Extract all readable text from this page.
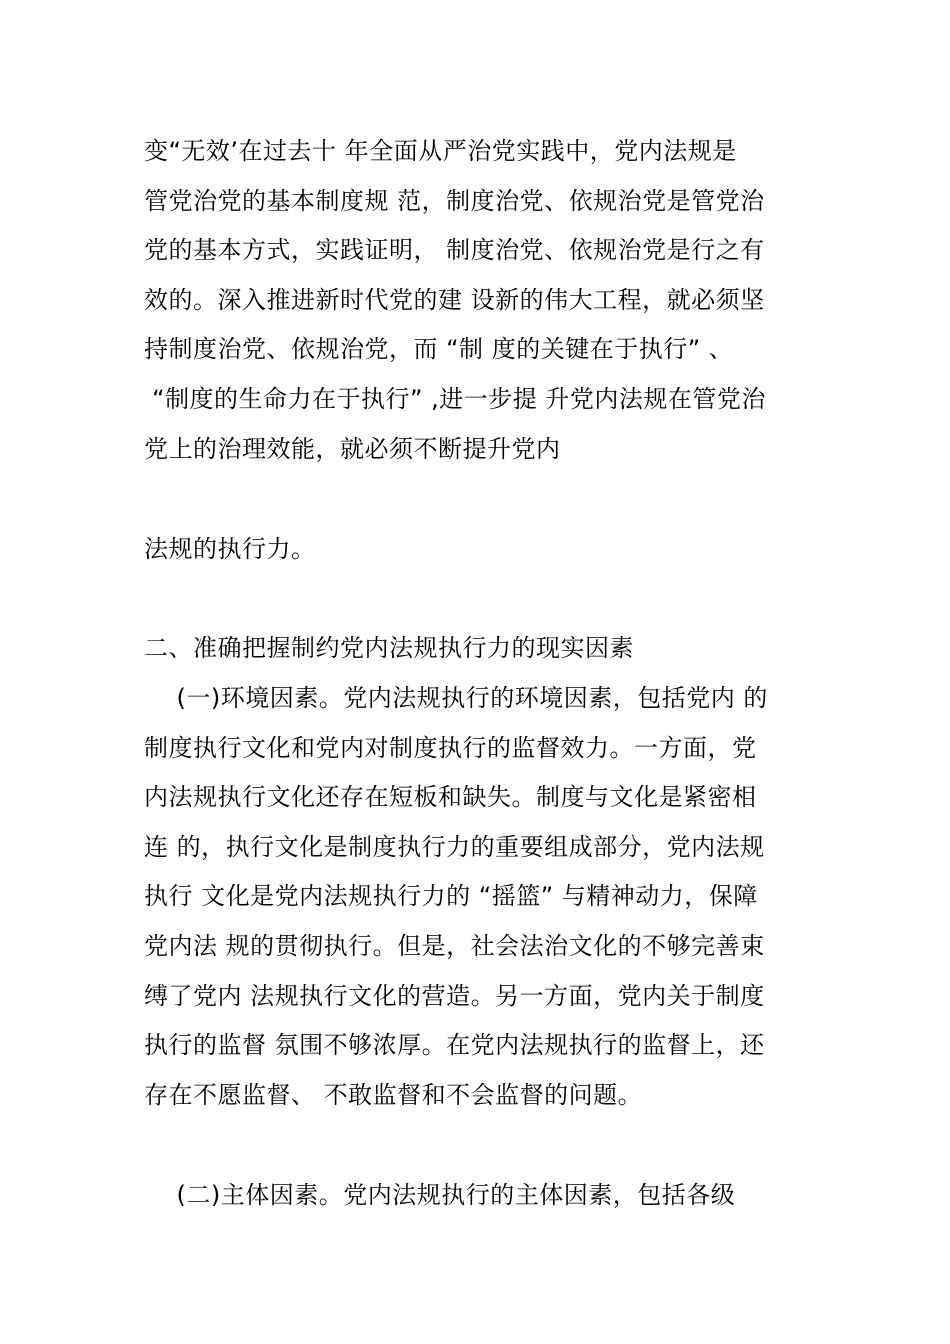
变“无效’在过去十 年全面从严治党实践中，党内法规是
管党治党的基本制度规 范，制度治党、依规治党是管党治
党的基本方式，实践证明， 制度治党、依规治党是行之有
效的。深入推进新时代党的建 设新的伟大工程，就必须坚
持制度治党、依规治党，而 “制 度的关键在于执行” 、
“制度的生命力在于执行” ,进一步提 升党内法规在管党治
党上的治理效能，就必须不断提升党内
法规的执行力。
二、准确把握制约党内法规执行力的现实因素
(一)环境因素。党内法规执行的环境因素，包括党内 的
制度执行文化和党内对制度执行的监督效力。一方面，党
内法规执行文化还存在短板和缺失。制度与文化是紧密相
连 的，执行文化是制度执行力的重要组成部分，党内法规
执行 文化是党内法规执行力的 “摇篮” 与精神动力，保障
党内法 规的贯彻执行。但是，社会法治文化的不够完善束
缚了党内 法规执行文化的营造。另一方面，党内关于制度
执行的监督 氛围不够浓厚。在党内法规执行的监督上，还
存在不愿监督、 不敢监督和不会监督的问题。
(二)主体因素。党内法规执行的主体因素，包括各级
